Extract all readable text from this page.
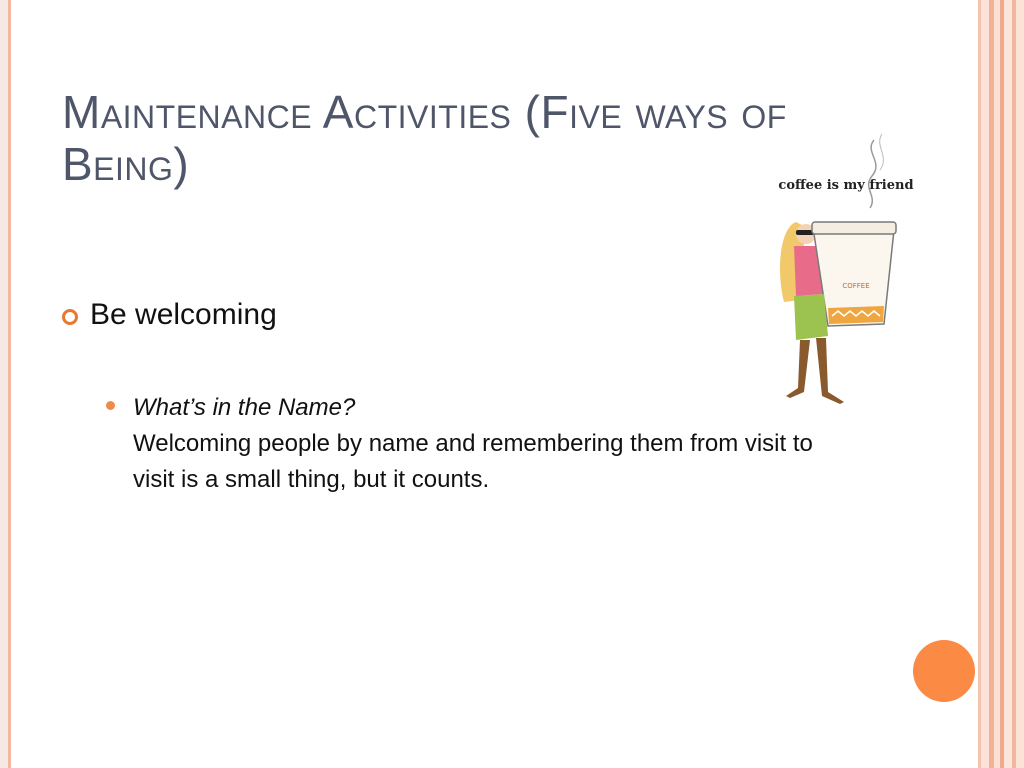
Maintenance Activities (Five ways of Being)
Be welcoming
What’s in the Name?
Welcoming people by name and remembering them from visit to visit is a small thing, but it counts.
coffee is my friend
COFFEE
